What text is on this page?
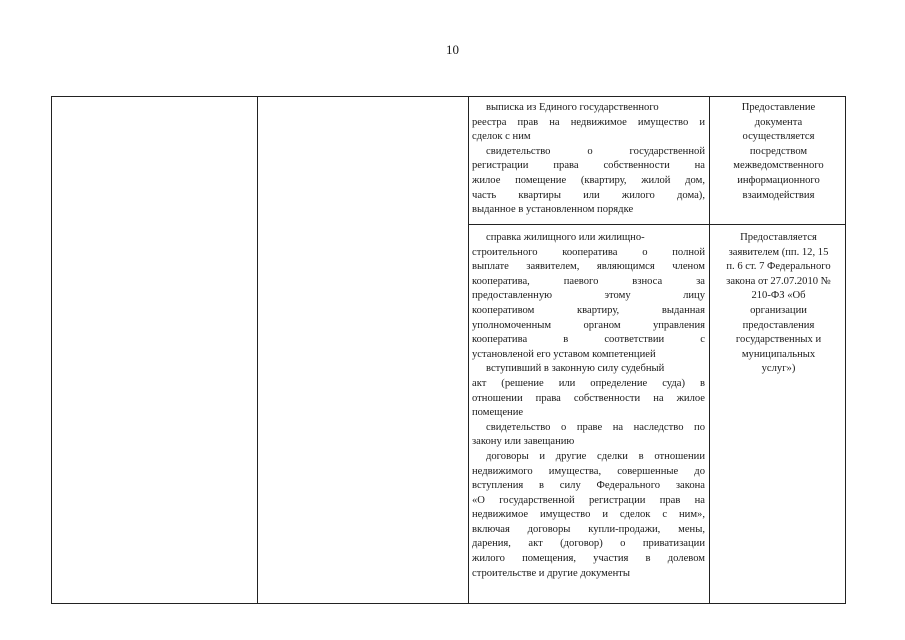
10
выписка из Единого государственного
реестра прав на недвижимое имущество и
сделок с ним
свидетельство о государственной
регистрации права собственности на
жилое помещение (квартиру, жилой дом,
часть квартиры или жилого дома),
выданное в установленном порядке
Предоставление
документа
осуществляется
посредством
межведомственного
информационного
взаимодействия
справка жилищного или жилищно-
строительного кооператива о полной
выплате заявителем, являющимся членом
кооператива, паевого взноса за
предоставленную этому лицу
кооперативом квартиру, выданная
уполномоченным органом управления
кооператива в соответствии с
установленой его уставом компетенцией
вступивший в законную силу судебный
акт (решение или определение суда) в
отношении права собственности на жилое
помещение
свидетельство о праве на наследство по
закону или завещанию
договоры и другие сделки в отношении
недвижимого имущества, совершенные до
вступления в силу Федерального закона
«О государственной регистрации прав на
недвижимое имущество и сделок с ним»,
включая договоры купли-продажи, мены,
дарения, акт (договор) о приватизации
жилого помещения, участия в долевом
строительстве и другие документы
Предоставляется
заявителем (пп. 12, 15
п. 6 ст. 7 Федерального
закона от 27.07.2010 №
210-ФЗ «Об
организации
предоставления
государственных и
муниципальных
услуг»)
